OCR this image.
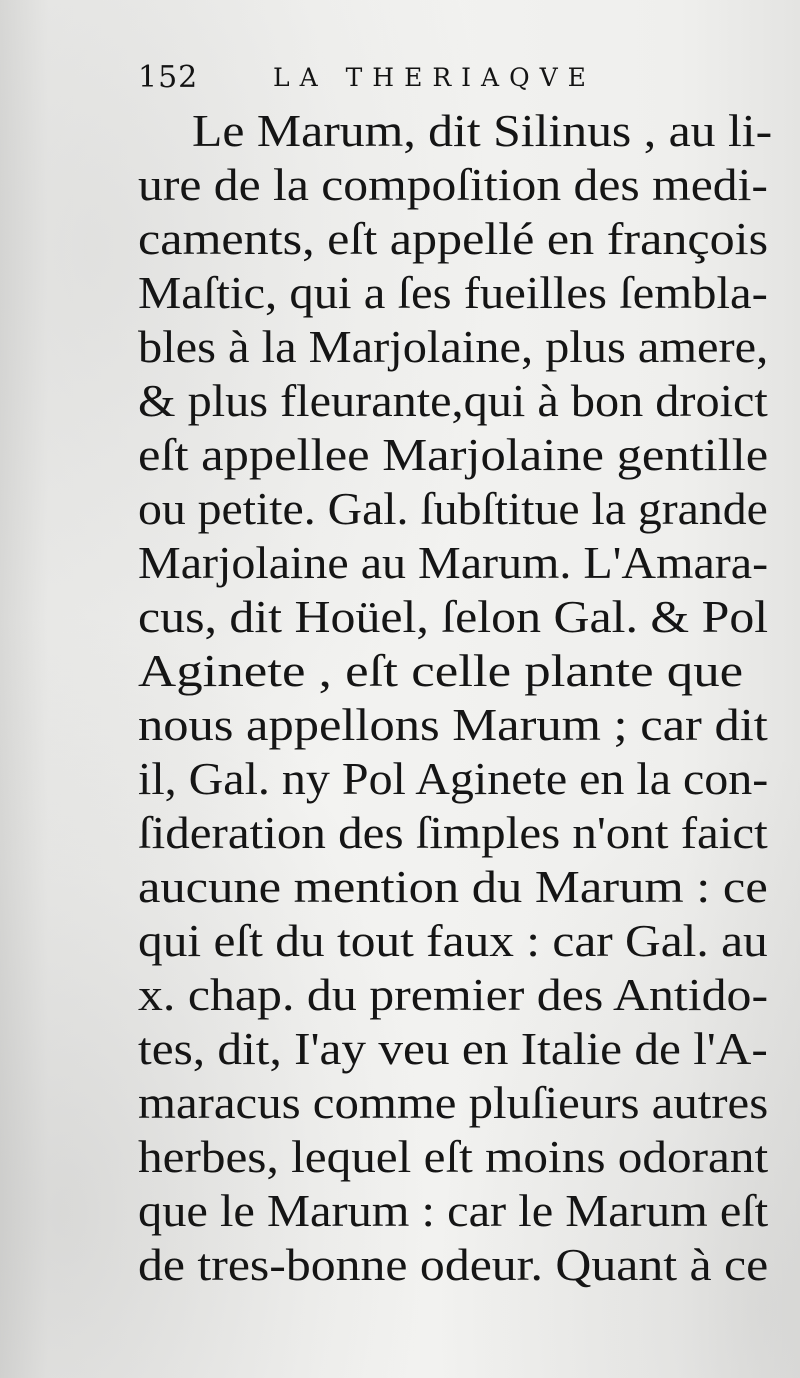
152	LA THERIAQVE
Le Marum, dit Silinus , au li-
ure de la compoſition des medi-
caments, eſt appellé en françois
Maſtic, qui a ſes fueilles ſembla-
bles à la Marjolaine, plus amere,
& plus fleurante,qui à bon droict
eſt appellee Marjolaine gentille
ou petite. Gal. ſubſtitue la grande
Marjolaine au Marum. L'Amara-
cus, dit Hoüel, ſelon Gal. & Pol
Aginete , eſt celle plante que
nous appellons Marum ; car dit
il, Gal. ny Pol Aginete en la con-
ſideration des ſimples n'ont faict
aucune mention du Marum : ce
qui eſt du tout faux : car Gal. au
x. chap. du premier des Antido-
tes, dit, I'ay veu en Italie de l'A-
maracus comme pluſieurs autres
herbes, lequel eſt moins odorant
que le Marum : car le Marum eſt
de tres-bonne odeur. Quant à ce
